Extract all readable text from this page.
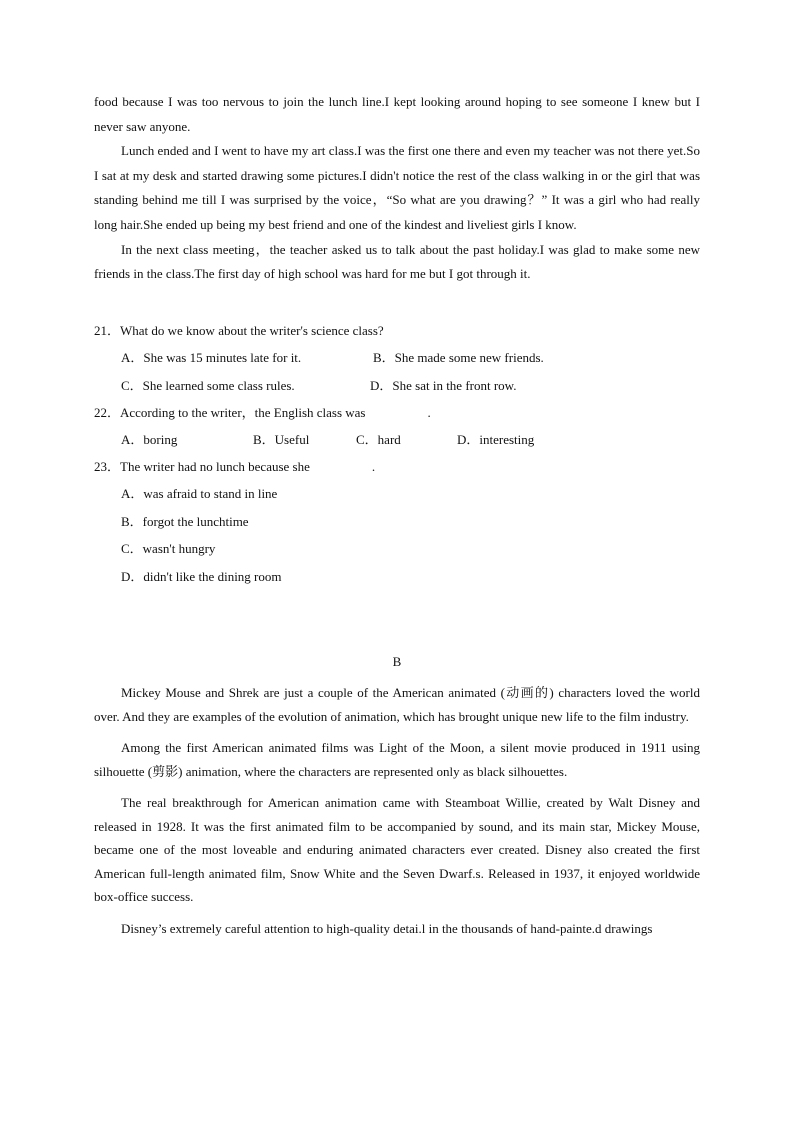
food because I was too nervous to join the lunch line.I kept looking around hoping to see someone I knew but I never saw anyone.

Lunch ended and I went to have my art class.I was the first one there and even my teacher was not there yet.So I sat at my desk and started drawing some pictures.I didn't notice the rest of the class walking in or the girl that was standing behind me till I was surprised by the voice，“So what are you drawing？” It was a girl who had really long hair.She ended up being my best friend and one of the kindest and liveliest girls I know.

In the next class meeting，the teacher asked us to talk about the past holiday.I was glad to make some new friends in the class.The first day of high school was hard for me but I got through it.

21．What do we know about the writer's science class?
A．She was 15 minutes late for it.	B．She made some new friends.
C．She learned some class rules.	D．She sat in the front row.
22．According to the writer，the English class was	.
A．boring	B．Useful	C．hard	D．interesting
23．The writer had no lunch because she	.
A．was afraid to stand in line
B．forgot the lunchtime
C．wasn't hungry
D．didn't like the dining room
B

Mickey Mouse and Shrek are just a couple of the American animated (动画的) characters loved the world over. And they are examples of the evolution of animation, which has brought unique new life to the film industry.

Among the first American animated films was Light of the Moon, a silent movie produced in 1911 using silhouette (剪影) animation, where the characters are represented only as black silhouettes.

The real breakthrough for American animation came with Steamboat Willie, created by Walt Disney and released in 1928. It was the first animated film to be accompanied by sound, and its main star, Mickey Mouse, became one of the most loveable and enduring animated characters ever created. Disney also created the first American full-length animated film, Snow White and the Seven Dwarf.s. Released in 1937, it enjoyed worldwide box-office success.

Disney’s extremely careful attention to high-quality detai.l in the thousands of hand-painte.d drawings
